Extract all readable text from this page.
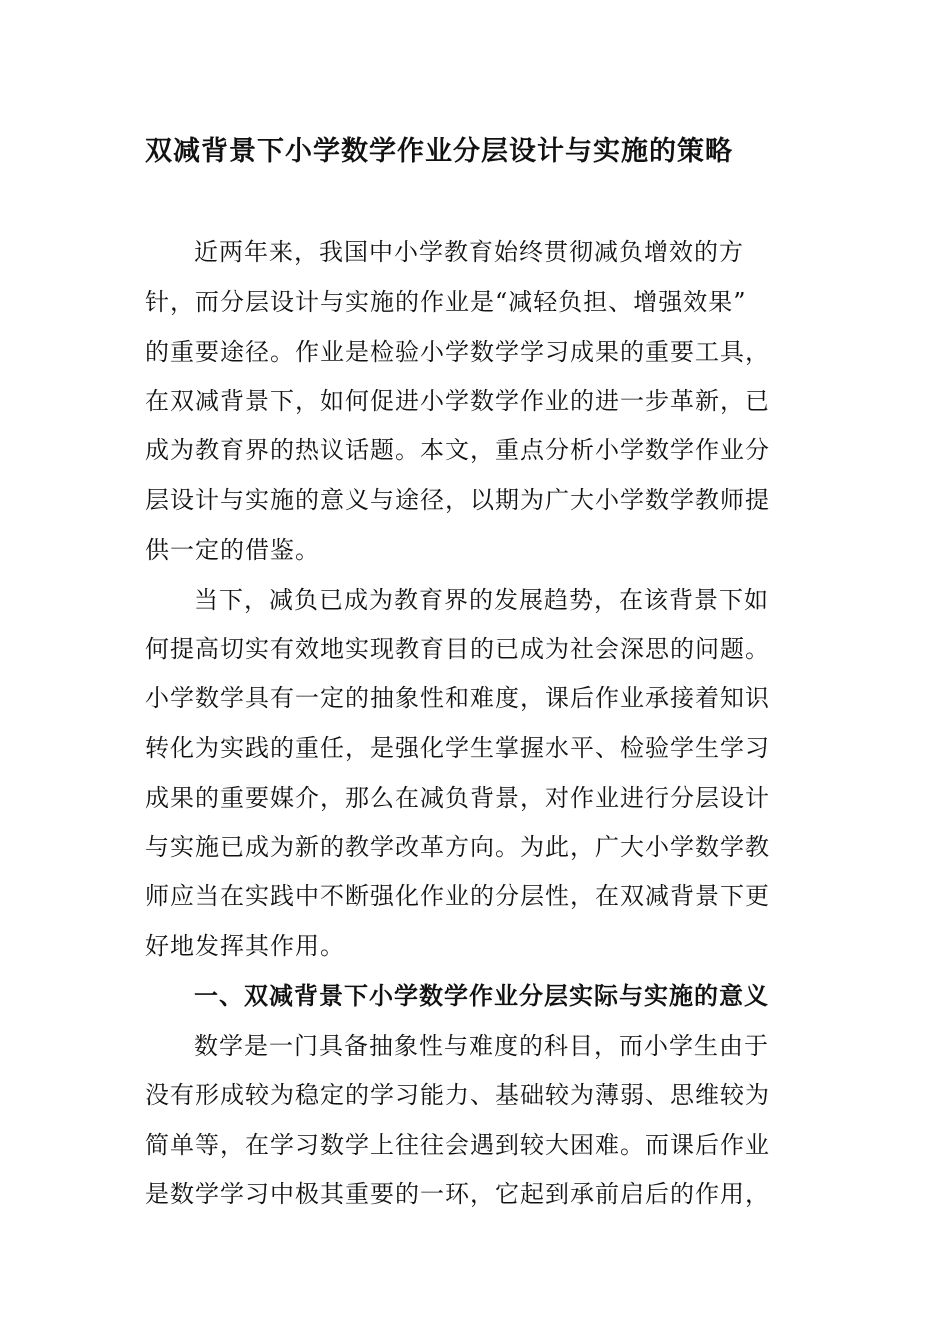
双减背景下小学数学作业分层设计与实施的策略
近两年来，我国中小学教育始终贯彻减负增效的方
针，而分层设计与实施的作业是“减轻负担、增强效果”
的重要途径。作业是检验小学数学学习成果的重要工具，
在双减背景下，如何促进小学数学作业的进一步革新，已
成为教育界的热议话题。本文，重点分析小学数学作业分
层设计与实施的意义与途径，以期为广大小学数学教师提
供一定的借鉴。
当下，减负已成为教育界的发展趋势，在该背景下如
何提高切实有效地实现教育目的已成为社会深思的问题。
小学数学具有一定的抽象性和难度，课后作业承接着知识
转化为实践的重任，是强化学生掌握水平、检验学生学习
成果的重要媒介，那么在减负背景，对作业进行分层设计
与实施已成为新的教学改革方向。为此，广大小学数学教
师应当在实践中不断强化作业的分层性，在双减背景下更
好地发挥其作用。
一、双减背景下小学数学作业分层实际与实施的意义
数学是一门具备抽象性与难度的科目，而小学生由于
没有形成较为稳定的学习能力、基础较为薄弱、思维较为
简单等，在学习数学上往往会遇到较大困难。而课后作业
是数学学习中极其重要的一环，它起到承前启后的作用，
